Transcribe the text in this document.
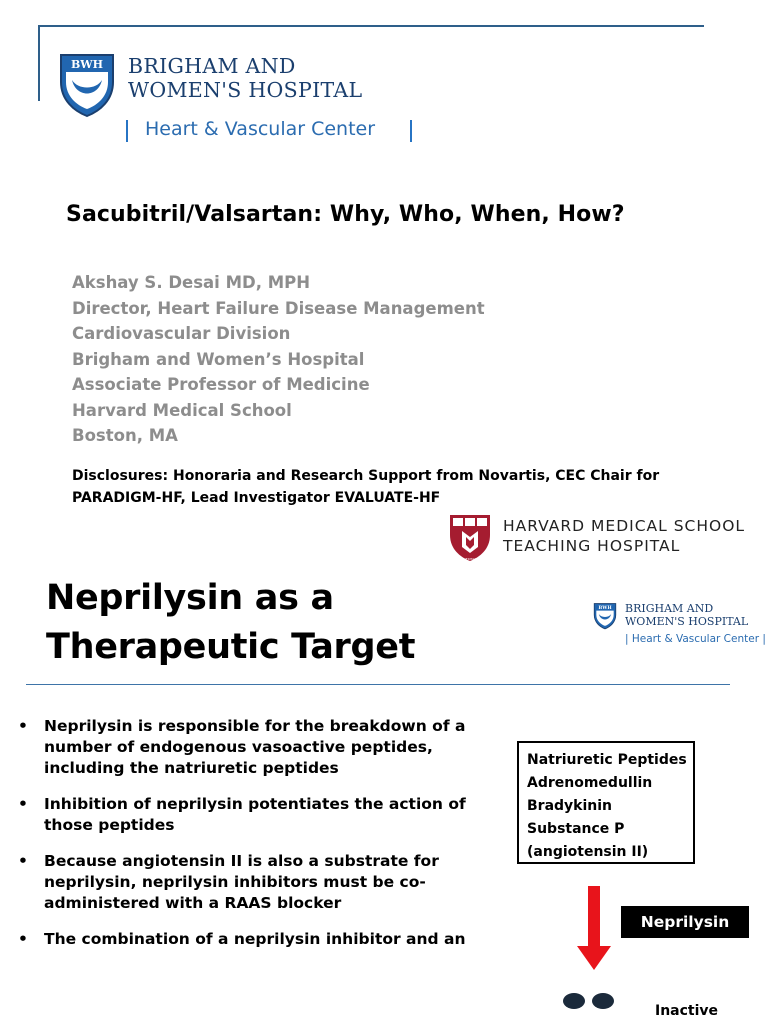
BWH BRIGHAM AND
WOMEN'S HOSPITAL
Heart & Vascular Center
Sacubitril/Valsartan: Why, Who, When, How?
Akshay S. Desai MD, MPH
Director, Heart Failure Disease Management
Cardiovascular Division
Brigham and Women’s Hospital
Associate Professor of Medicine
Harvard Medical School
Boston, MA
Disclosures: Honoraria and Research Support from Novartis, CEC Chair for PARADIGM-HF, Lead Investigator EVALUATE-HF
VERITAS
HARVARD MEDICAL SCHOOL
TEACHING HOSPITAL
Neprilysin as a
Therapeutic Target
BWH BRIGHAM AND
WOMEN'S HOSPITAL
| Heart & Vascular Center |
• Neprilysin is responsible for the breakdown of a number of endogenous vasoactive peptides, including the natriuretic peptides
• Inhibition of neprilysin potentiates the action of those peptides
• Because angiotensin II is also a substrate for neprilysin, neprilysin inhibitors must be co-administered with a RAAS blocker
• The combination of a neprilysin inhibitor and an
Natriuretic Peptides
Adrenomedullin
Bradykinin
Substance P
(angiotensin II)
Neprilysin
Inactive
